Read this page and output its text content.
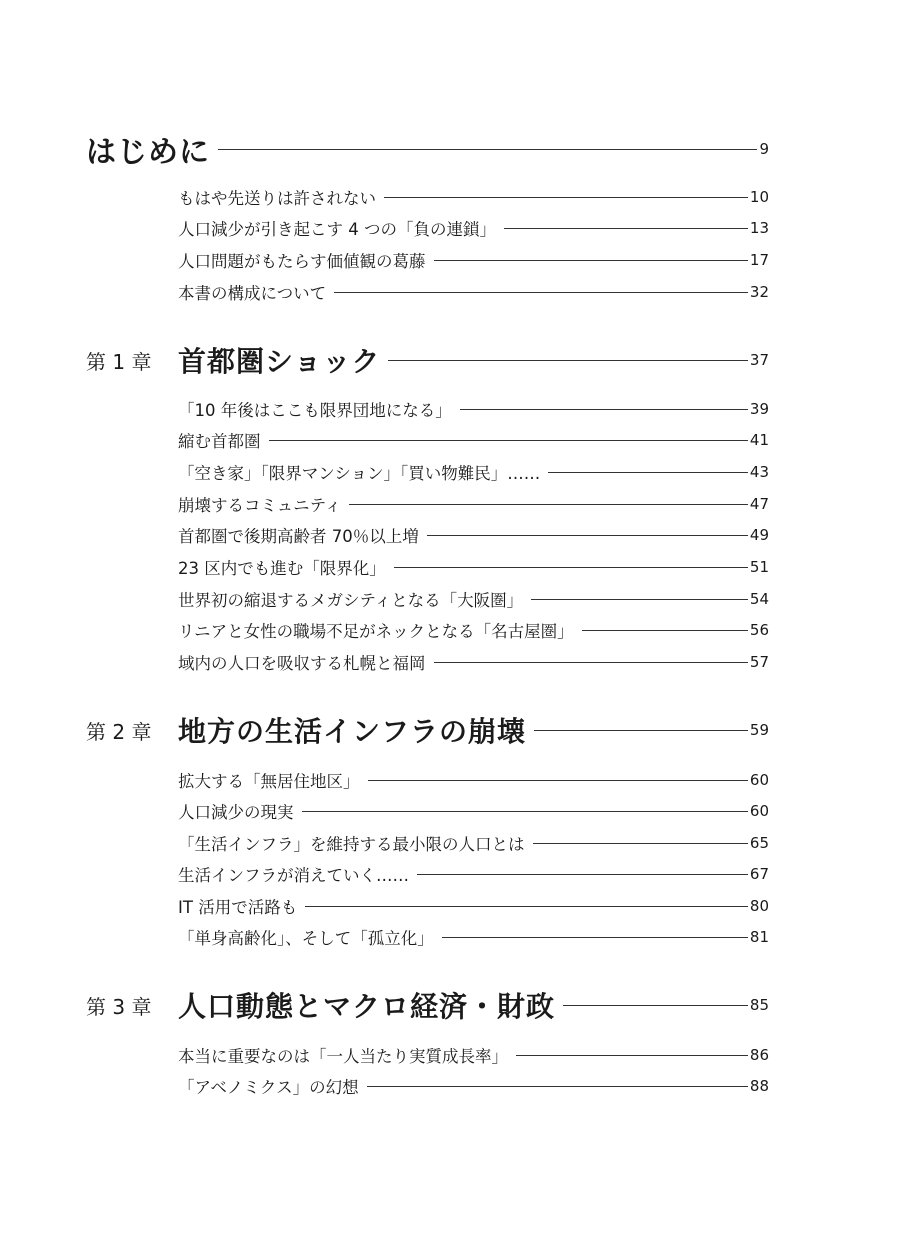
はじめに	9
もはや先送りは許されない	10
人口減少が引き起こす 4 つの「負の連鎖」	13
人口問題がもたらす価値観の葛藤	17
本書の構成について	32
第 1 章 首都圏ショック	37
「10 年後はここも限界団地になる」	39
縮む首都圏	41
「空き家」「限界マンション」「買い物難民」……	43
崩壊するコミュニティ	47
首都圏で後期高齢者 70％以上増	49
23 区内でも進む「限界化」	51
世界初の縮退するメガシティとなる「大阪圏」	54
リニアと女性の職場不足がネックとなる「名古屋圏」	56
域内の人口を吸収する札幌と福岡	57
第 2 章 地方の生活インフラの崩壊	59
拡大する「無居住地区」	60
人口減少の現実	60
「生活インフラ」を維持する最小限の人口とは	65
生活インフラが消えていく……	67
IT 活用で活路も	80
「単身高齢化」、そして「孤立化」	81
第 3 章 人口動態とマクロ経済・財政	85
本当に重要なのは「一人当たり実質成長率」	86
「アベノミクス」の幻想	88
